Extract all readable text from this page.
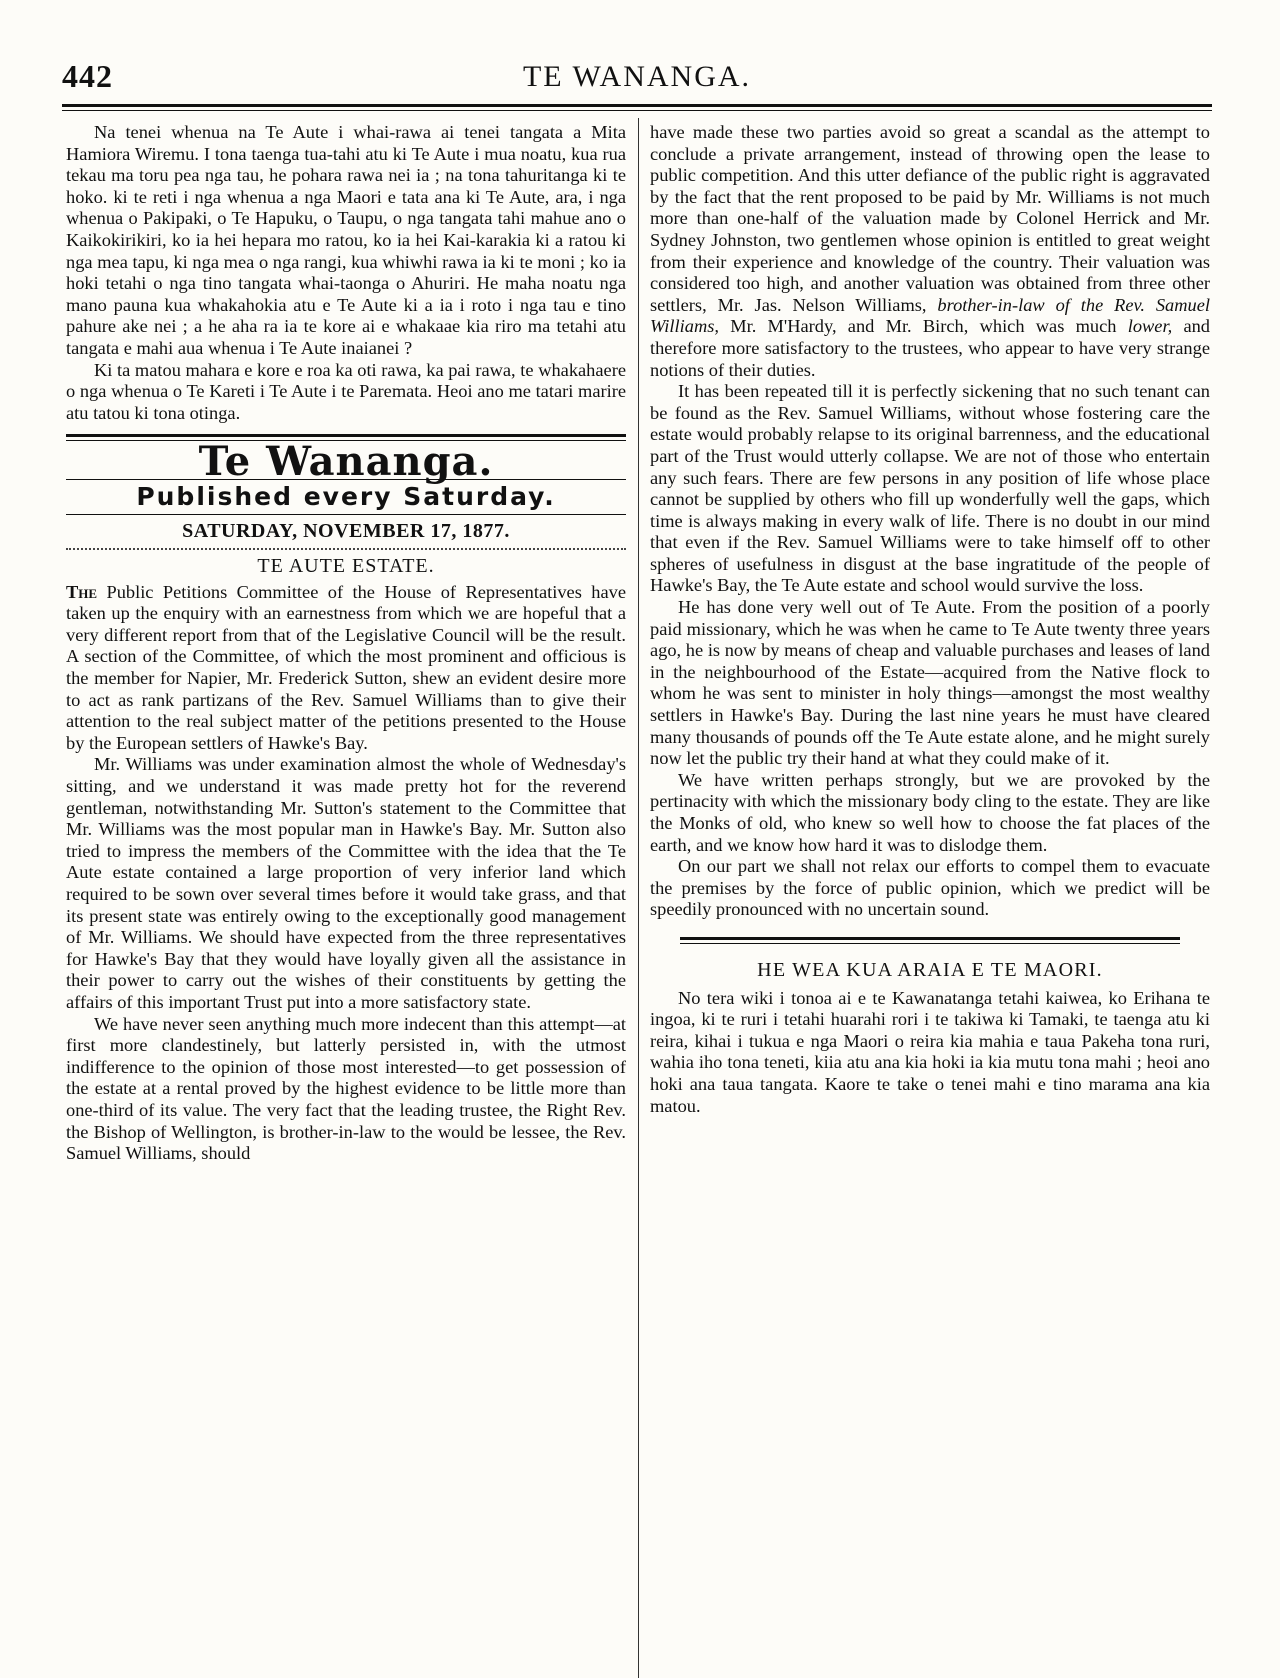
442	TE WANANGA.

Na tenei whenua na Te Aute i whai-rawa ai tenei tangata a Mita Hamiora Wiremu. I tona taenga tua-tahi atu ki Te Aute i mua noatu, kua rua tekau ma toru pea nga tau, he pohara rawa nei ia ; na tona tahuritanga ki te hoko. ki te reti i nga whenua a nga Maori e tata ana ki Te Aute, ara, i nga whenua o Pakipaki, o Te Hapuku, o Taupu, o nga tangata tahi mahue ano o Kaikokirikiri, ko ia hei hepara mo ratou, ko ia hei Kai-karakia ki a ratou ki nga mea tapu, ki nga mea o nga rangi, kua whiwhi rawa ia ki te moni ; ko ia hoki tetahi o nga tino tangata whai-taonga o Ahuriri. He maha noatu nga mano pauna kua whakahokia atu e Te Aute ki a ia i roto i nga tau e tino pahure ake nei ; a he aha ra ia te kore ai e whakaae kia riro ma tetahi atu tangata e mahi aua whenua i Te Aute inaianei ?

Ki ta matou mahara e kore e roa ka oti rawa, ka pai rawa, te whakahaere o nga whenua o Te Kareti i Te Aute i te Paremata. Heoi ano me tatari marire atu tatou ki tona otinga.

Te Wananga.
Published every Saturday.
SATURDAY, NOVEMBER 17, 1877.
TE AUTE ESTATE.

The Public Petitions Committee of the House of Representatives have taken up the enquiry with an earnestness from which we are hopeful that a very different report from that of the Legislative Council will be the result. A section of the Committee, of which the most prominent and officious is the member for Napier, Mr. Frederick Sutton, shew an evident desire more to act as rank partizans of the Rev. Samuel Williams than to give their attention to the real subject matter of the petitions presented to the House by the European settlers of Hawke's Bay.

Mr. Williams was under examination almost the whole of Wednesday's sitting, and we understand it was made pretty hot for the reverend gentleman, notwithstanding Mr. Sutton's statement to the Committee that Mr. Williams was the most popular man in Hawke's Bay. Mr. Sutton also tried to impress the members of the Committee with the idea that the Te Aute estate contained a large proportion of very inferior land which required to be sown over several times before it would take grass, and that its present state was entirely owing to the exceptionally good management of Mr. Williams. We should have expected from the three representatives for Hawke's Bay that they would have loyally given all the assistance in their power to carry out the wishes of their constituents by getting the affairs of this important Trust put into a more satisfactory state.

We have never seen anything much more indecent than this attempt—at first more clandestinely, but latterly persisted in, with the utmost indifference to the opinion of those most interested—to get possession of the estate at a rental proved by the highest evidence to be little more than one-third of its value. The very fact that the leading trustee, the Right Rev. the Bishop of Wellington, is brother-in-law to the would be lessee, the Rev. Samuel Williams, should

have made these two parties avoid so great a scandal as the attempt to conclude a private arrangement, instead of throwing open the lease to public competition. And this utter defiance of the public right is aggravated by the fact that the rent proposed to be paid by Mr. Williams is not much more than one-half of the valuation made by Colonel Herrick and Mr. Sydney Johnston, two gentlemen whose opinion is entitled to great weight from their experience and knowledge of the country. Their valuation was considered too high, and another valuation was obtained from three other settlers, Mr. Jas. Nelson Williams, brother-in-law of the Rev. Samuel Williams, Mr. M'Hardy, and Mr. Birch, which was much lower, and therefore more satisfactory to the trustees, who appear to have very strange notions of their duties.

It has been repeated till it is perfectly sickening that no such tenant can be found as the Rev. Samuel Williams, without whose fostering care the estate would probably relapse to its original barrenness, and the educational part of the Trust would utterly collapse. We are not of those who entertain any such fears. There are few persons in any position of life whose place cannot be supplied by others who fill up wonderfully well the gaps, which time is always making in every walk of life. There is no doubt in our mind that even if the Rev. Samuel Williams were to take himself off to other spheres of usefulness in disgust at the base ingratitude of the people of Hawke's Bay, the Te Aute estate and school would survive the loss.

He has done very well out of Te Aute. From the position of a poorly paid missionary, which he was when he came to Te Aute twenty three years ago, he is now by means of cheap and valuable purchases and leases of land in the neighbourhood of the Estate—acquired from the Native flock to whom he was sent to minister in holy things—amongst the most wealthy settlers in Hawke's Bay. During the last nine years he must have cleared many thousands of pounds off the Te Aute estate alone, and he might surely now let the public try their hand at what they could make of it.

We have written perhaps strongly, but we are provoked by the pertinacity with which the missionary body cling to the estate. They are like the Monks of old, who knew so well how to choose the fat places of the earth, and we know how hard it was to dislodge them.

On our part we shall not relax our efforts to compel them to evacuate the premises by the force of public opinion, which we predict will be speedily pronounced with no uncertain sound.

HE WEA KUA ARAIA E TE MAORI.

No tera wiki i tonoa ai e te Kawanatanga tetahi kaiwea, ko Erihana te ingoa, ki te ruri i tetahi huarahi rori i te takiwa ki Tamaki, te taenga atu ki reira, kihai i tukua e nga Maori o reira kia mahia e taua Pakeha tona ruri, wahia iho tona teneti, kiia atu ana kia hoki ia kia mutu tona mahi ; heoi ano hoki ana taua tangata. Kaore te take o tenei mahi e tino marama ana kia matou.
